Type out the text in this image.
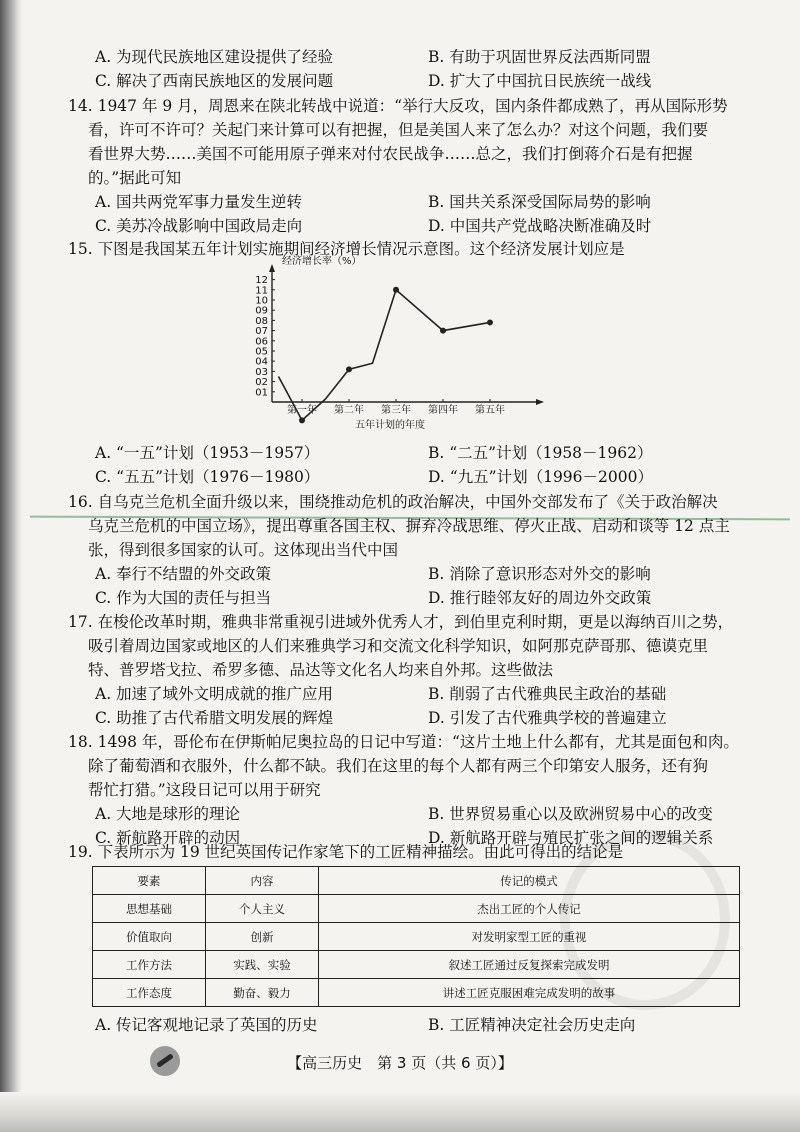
A. 为现代民族地区建设提供了经验	B. 有助于巩固世界反法西斯同盟
C. 解决了西南民族地区的发展问题	D. 扩大了中国抗日民族统一战线
14. 1947 年 9 月，周恩来在陕北转战中说道：“举行大反攻，国内条件都成熟了，再从国际形势
看，许可不许可？关起门来计算可以有把握，但是美国人来了怎么办？对这个问题，我们要
看世界大势……美国不可能用原子弹来对付农民战争……总之，我们打倒蒋介石是有把握
的。”据此可知
A. 国共两党军事力量发生逆转	B. 国共关系深受国际局势的影响
C. 美苏冷战影响中国政局走向	D. 中国共产党战略决断准确及时
15. 下图是我国某五年计划实施期间经济增长情况示意图。这个经济发展计划应是
01
02
03
04
05
06
07
08
09
10
11
12
经济增长率（%）
第一年 第二年 第三年 第四年 第五年
五年计划的年度
A. “一五”计划（1953－1957）	B. “二五”计划（1958－1962）
C. “五五”计划（1976－1980）	D. “九五”计划（1996－2000）
16. 自乌克兰危机全面升级以来，围绕推动危机的政治解决，中国外交部发布了《关于政治解决
乌克兰危机的中国立场》，提出尊重各国主权、摒弃冷战思维、停火止战、启动和谈等 12 点主
张，得到很多国家的认可。这体现出当代中国
A. 奉行不结盟的外交政策	B. 消除了意识形态对外交的影响
C. 作为大国的责任与担当	D. 推行睦邻友好的周边外交政策
17. 在梭伦改革时期，雅典非常重视引进域外优秀人才，到伯里克利时期，更是以海纳百川之势，
吸引着周边国家或地区的人们来雅典学习和交流文化科学知识，如阿那克萨哥那、德谟克里
特、普罗塔戈拉、希罗多德、品达等文化名人均来自外邦。这些做法
A. 加速了域外文明成就的推广应用	B. 削弱了古代雅典民主政治的基础
C. 助推了古代希腊文明发展的辉煌	D. 引发了古代雅典学校的普遍建立
18. 1498 年，哥伦布在伊斯帕尼奥拉岛的日记中写道：“这片土地上什么都有，尤其是面包和肉。
除了葡萄酒和衣服外，什么都不缺。我们在这里的每个人都有两三个印第安人服务，还有狗
帮忙打猎。”这段日记可以用于研究
A. 大地是球形的理论	B. 世界贸易重心以及欧洲贸易中心的改变
C. 新航路开辟的动因	D. 新航路开辟与殖民扩张之间的逻辑关系
19. 下表所示为 19 世纪英国传记作家笔下的工匠精神描绘。由此可得出的结论是
要素	内容	传记的模式
思想基础	个人主义	杰出工匠的个人传记
价值取向	创新	对发明家型工匠的重视
工作方法	实践、实验	叙述工匠通过反复探索完成发明
工作态度	勤奋、毅力	讲述工匠克服困难完成发明的故事
A. 传记客观地记录了英国的历史	B. 工匠精神决定社会历史走向
【高三历史　第 3 页（共 6 页）】
